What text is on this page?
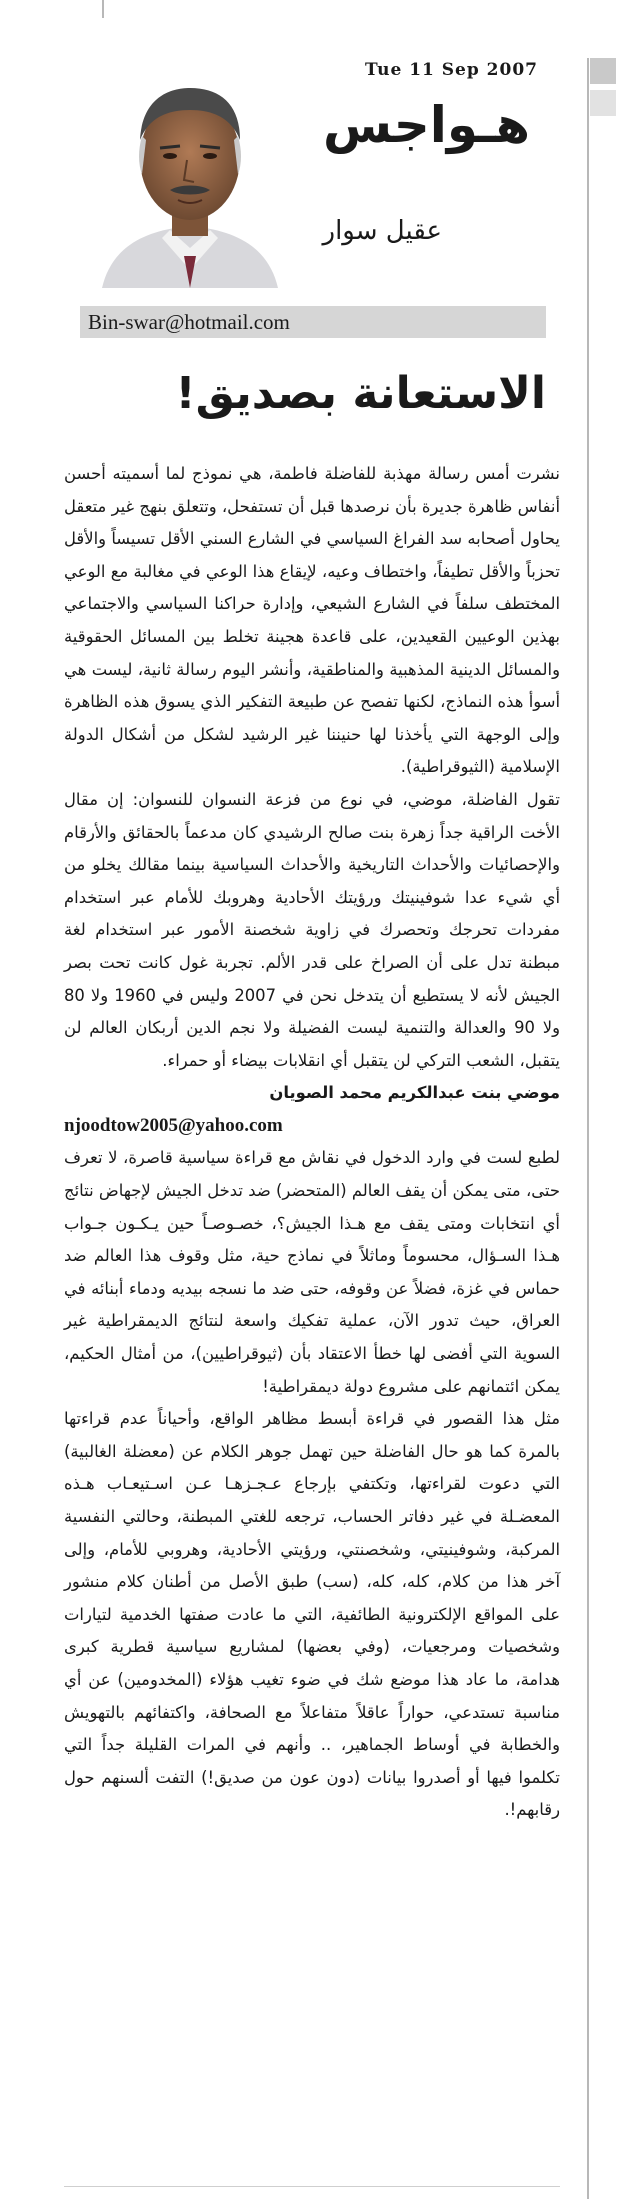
Tue 11 Sep 2007
هـواجس
عقيل سوار
Bin-swar@hotmail.com
الاستعانة بصديق!

نشرت أمس رسالة مهذبة للفاضلة فاطمة، هي نموذج لما أسميته أحسن أنفاس ظاهرة جديرة بأن نرصدها قبل أن تستفحل، وتتعلق بنهج غير متعقل يحاول أصحابه سد الفراغ السياسي في الشارع السني الأقل تسيساً والأقل تحزباً والأقل تطيفاً، واختطاف وعيه، لإيقاع هذا الوعي في مغالبة مع الوعي المختطف سلفاً في الشارع الشيعي، وإدارة حراكنا السياسي والاجتماعي بهذين الوعيين القعيدين، على قاعدة هجينة تخلط بين المسائل الحقوقية والمسائل الدينية المذهبية والمناطقية، وأنشر اليوم رسالة ثانية، ليست هي أسوأ هذه النماذج، لكنها تفصح عن طبيعة التفكير الذي يسوق هذه الظاهرة وإلى الوجهة التي يأخذنا لها حنيننا غير الرشيد لشكل من أشكال الدولة الإسلامية (الثيوقراطية).

تقول الفاضلة، موضي، في نوع من فزعة النسوان للنسوان: إن مقال الأخت الراقية جداً زهرة بنت صالح الرشيدي كان مدعماً بالحقائق والأرقام والإحصائيات والأحداث التاريخية والأحداث السياسية بينما مقالك يخلو من أي شيء عدا شوفينيتك ورؤيتك الأحادية وهروبك للأمام عبر استخدام مفردات تحرجك وتحصرك في زاوية شخصنة الأمور عبر استخدام لغة مبطنة تدل على أن الصراخ على قدر الألم. تجربة غول كانت تحت بصر الجيش لأنه لا يستطيع أن يتدخل نحن في 2007 وليس في 1960 ولا 80 ولا 90 والعدالة والتنمية ليست الفضيلة ولا نجم الدين أربكان العالم لن يتقبل، الشعب التركي لن يتقبل أي انقلابات بيضاء أو حمراء.

موضي بنت عبدالكريم محمد الصويان

njoodtow2005@yahoo.com

لطبع لست في وارد الدخول في نقاش مع قراءة سياسية قاصرة، لا تعرف حتى، متى يمكن أن يقف العالم (المتحضر) ضد تدخل الجيش لإجهاض نتائج أي انتخابات ومتى يقف مع هـذا الجيش؟، خصـوصـاً حين يـكـون جـواب هـذا السـؤال، محسوماً وماثلاً في نماذج حية، مثل وقوف هذا العالم ضد حماس في غزة، فضلاً عن وقوفه، حتى ضد ما نسجه بيديه ودماء أبنائه في العراق، حيث تدور الآن، عملية تفكيك واسعة لنتائج الديمقراطية غير السوية التي أفضى لها خطأ الاعتقاد بأن (ثيوقراطيين)، من أمثال الحكيم، يمكن ائتمانهم على مشروع دولة ديمقراطية!

مثل هذا القصور في قراءة أبسط مظاهر الواقع، وأحياناً عدم قراءتها بالمرة كما هو حال الفاضلة حين تهمل جوهر الكلام عن (معضلة الغالبية) التي دعوت لقراءتها، وتكتفي بإرجاع عـجـزهـا عـن اسـتيعـاب هـذه المعضـلة في غير دفاتر الحساب، ترجعه للغتي المبطنة، وحالتي النفسية المركبة، وشوفينيتي، وشخصنتي، ورؤيتي الأحادية، وهروبي للأمام، وإلى آخر هذا من كلام، كله، كله، (سب) طبق الأصل من أطنان كلام منشور على المواقع الإلكترونية الطائفية، التي ما عادت صفتها الخدمية لتيارات وشخصيات ومرجعيات، (وفي بعضها) لمشاريع سياسية قطرية كبرى هدامة، ما عاد هذا موضع شك في ضوء تغيب هؤلاء (المخدومين) عن أي مناسبة تستدعي، حواراً عاقلاً متفاعلاً مع الصحافة، واكتفائهم بالتهويش والخطابة في أوساط الجماهير، .. وأنهم في المرات القليلة جداً التي تكلموا فيها أو أصدروا بيانات (دون عون من صديق!) التفت ألسنهم حول رقابهم!.
